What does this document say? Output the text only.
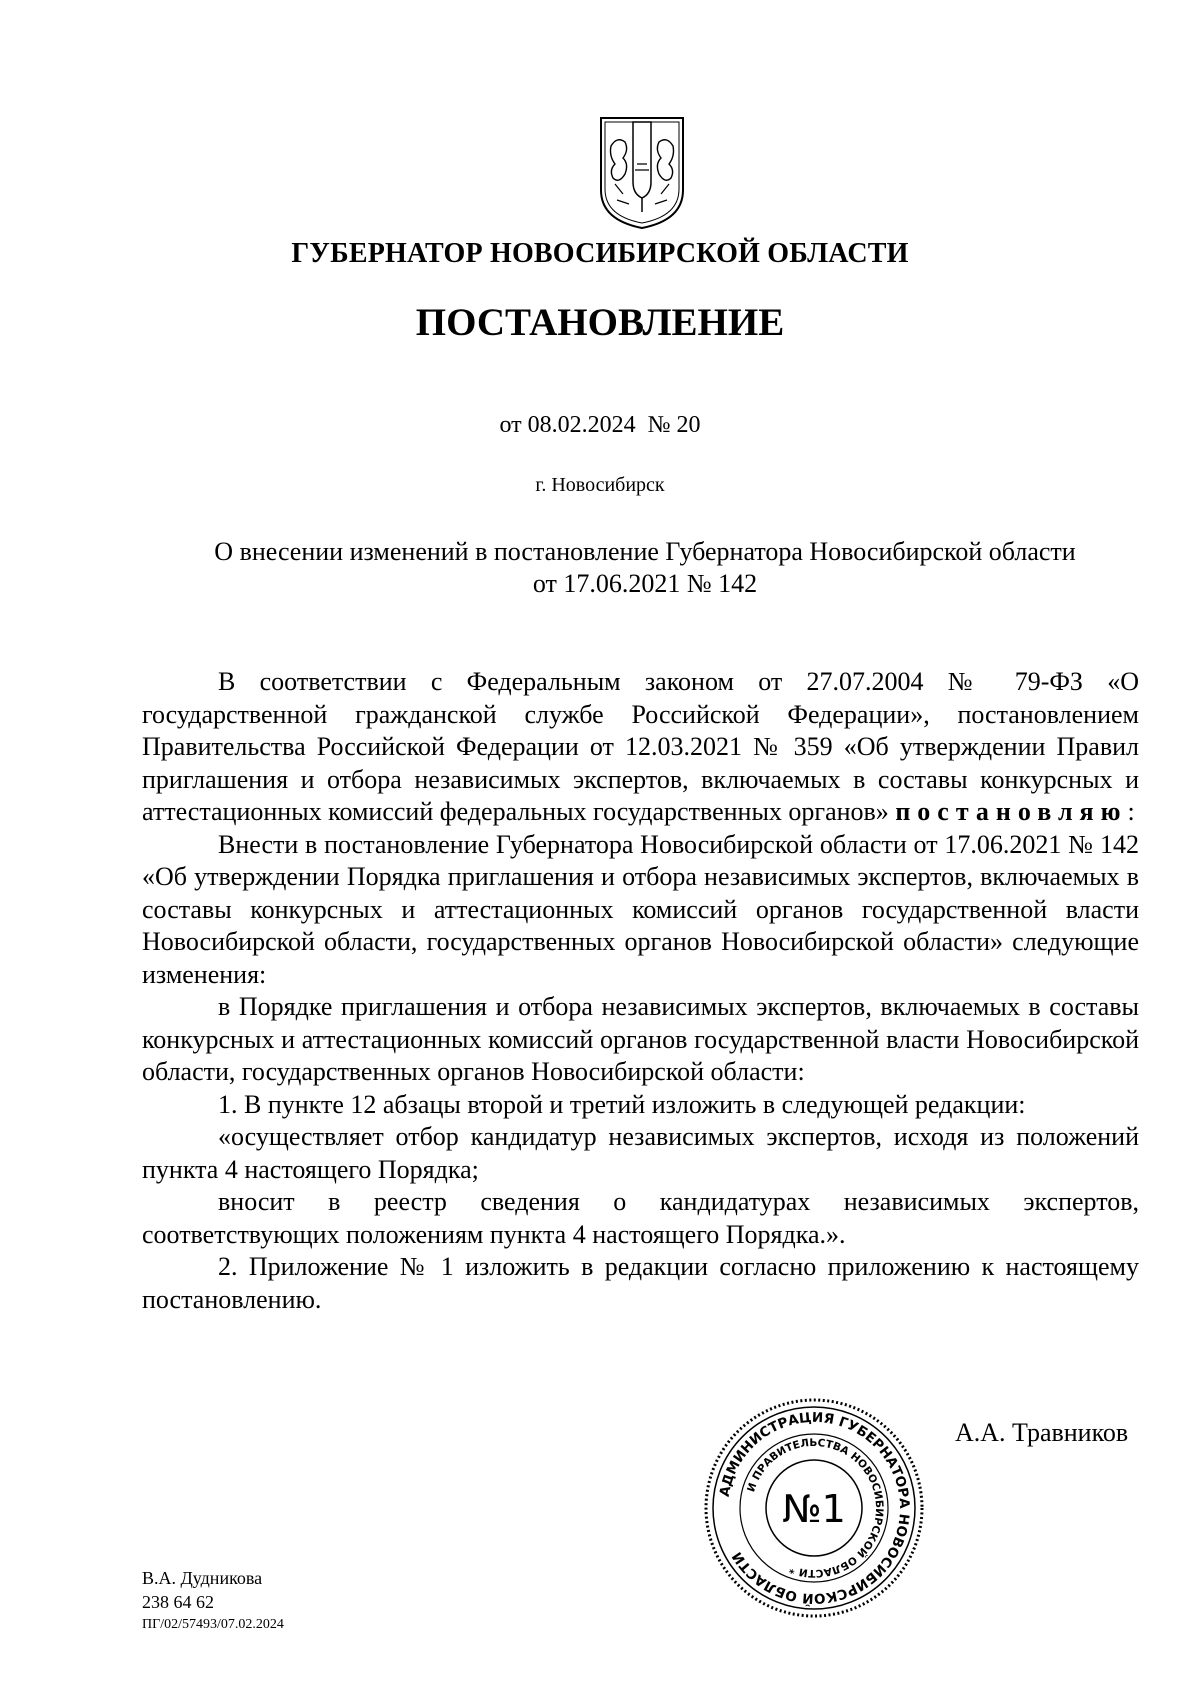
ГУБЕРНАТОР НОВОСИБИРСКОЙ ОБЛАСТИ
ПОСТАНОВЛЕНИЕ
от 08.02.2024 № 20
г. Новосибирск
О внесении изменений в постановление Губернатора Новосибирской области
от 17.06.2021 № 142

В соответствии с Федеральным законом от 27.07.2004 № 79-ФЗ «О государственной гражданской службе Российской Федерации», постановлением Правительства Российской Федерации от 12.03.2021 № 359 «Об утверждении Правил приглашения и отбора независимых экспертов, включаемых в составы конкурсных и аттестационных комиссий федеральных государственных органов» постановляю:

Внести в постановление Губернатора Новосибирской области от 17.06.2021 № 142 «Об утверждении Порядка приглашения и отбора независимых экспертов, включаемых в составы конкурсных и аттестационных комиссий органов государственной власти Новосибирской области, государственных органов Новосибирской области» следующие изменения:

в Порядке приглашения и отбора независимых экспертов, включаемых в составы конкурсных и аттестационных комиссий органов государственной власти Новосибирской области, государственных органов Новосибирской области:

1. В пункте 12 абзацы второй и третий изложить в следующей редакции:

«осуществляет отбор кандидатур независимых экспертов, исходя из положений пункта 4 настоящего Порядка;

вносит в реестр сведения о кандидатурах независимых экспертов, соответствующих положениям пункта 4 настоящего Порядка.».

2. Приложение № 1 изложить в редакции согласно приложению к настоящему постановлению.

АДМИНИСТРАЦИЯ ГУБЕРНАТОРА НОВОСИБИРСКОЙ ОБЛАСТИ
И ПРАВИТЕЛЬСТВА НОВОСИБИРСКОЙ ОБЛАСТИ *
№1
А.А. Травников
В.А. Дудникова
238 64 62
ПГ/02/57493/07.02.2024
